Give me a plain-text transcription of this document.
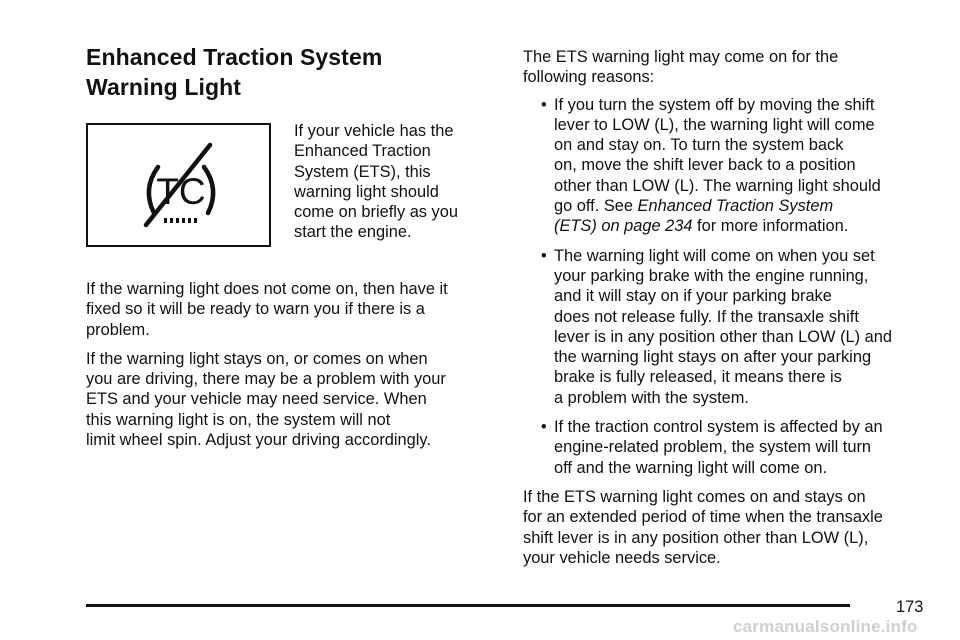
Enhanced Traction System
Warning Light
TC

If your vehicle has the
Enhanced Traction
System (ETS), this
warning light should
come on briefly as you
start the engine.

If the warning light does not come on, then have it
fixed so it will be ready to warn you if there is a
problem.

If the warning light stays on, or comes on when
you are driving, there may be a problem with your
ETS and your vehicle may need service. When
this warning light is on, the system will not
limit wheel spin. Adjust your driving accordingly.

The ETS warning light may come on for the
following reasons:

• If you turn the system off by moving the shift
lever to LOW (L), the warning light will come
on and stay on. To turn the system back
on, move the shift lever back to a position
other than LOW (L). The warning light should
go off. See Enhanced Traction System
(ETS) on page 234 for more information.

• The warning light will come on when you set
your parking brake with the engine running,
and it will stay on if your parking brake
does not release fully. If the transaxle shift
lever is in any position other than LOW (L) and
the warning light stays on after your parking
brake is fully released, it means there is
a problem with the system.

• If the traction control system is affected by an
engine-related problem, the system will turn
off and the warning light will come on.

If the ETS warning light comes on and stays on
for an extended period of time when the transaxle
shift lever is in any position other than LOW (L),
your vehicle needs service.

173
carmanualsonline.info
